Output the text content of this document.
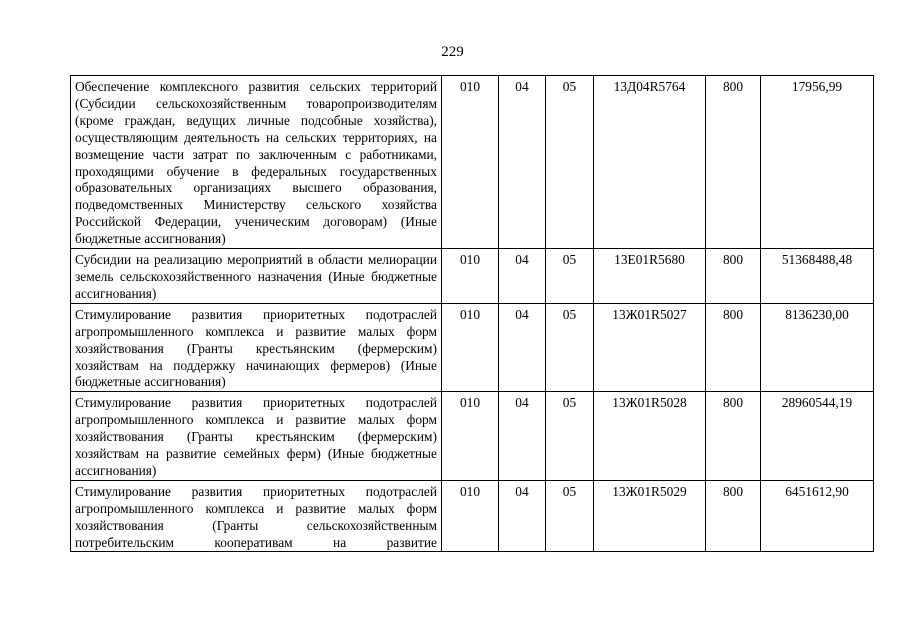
229
Обеспечение комплексного развития сельских территорий (Субсидии сельскохозяйственным товаропроизводителям (кроме граждан, ведущих личные подсобные хозяйства), осуществляющим деятельность на сельских территориях, на возмещение части затрат по заключенным с работниками, проходящими обучение в федеральных государственных образовательных организациях высшего образования, подведомственных Министерству сельского хозяйства Российской Федерации, ученическим договорам) (Иные бюджетные ассигнования)	010	04	05	13Д04R5764	800	17956,99
Субсидии на реализацию мероприятий в области мелиорации земель сельскохозяйственного назначения (Иные бюджетные ассигнования)	010	04	05	13Е01R5680	800	51368488,48
Стимулирование развития приоритетных подотраслей агропромышленного комплекса и развитие малых форм хозяйствования (Гранты крестьянским (фермерским) хозяйствам на поддержку начинающих фермеров) (Иные бюджетные ассигнования)	010	04	05	13Ж01R5027	800	8136230,00
Стимулирование развития приоритетных подотраслей агропромышленного комплекса и развитие малых форм хозяйствования (Гранты крестьянским (фермерским) хозяйствам на развитие семейных ферм) (Иные бюджетные ассигнования)	010	04	05	13Ж01R5028	800	28960544,19
Стимулирование развития приоритетных подотраслей агропромышленного комплекса и развитие малых форм хозяйствования (Гранты сельскохозяйственным потребительским кооперативам на развитие	010	04	05	13Ж01R5029	800	6451612,90
